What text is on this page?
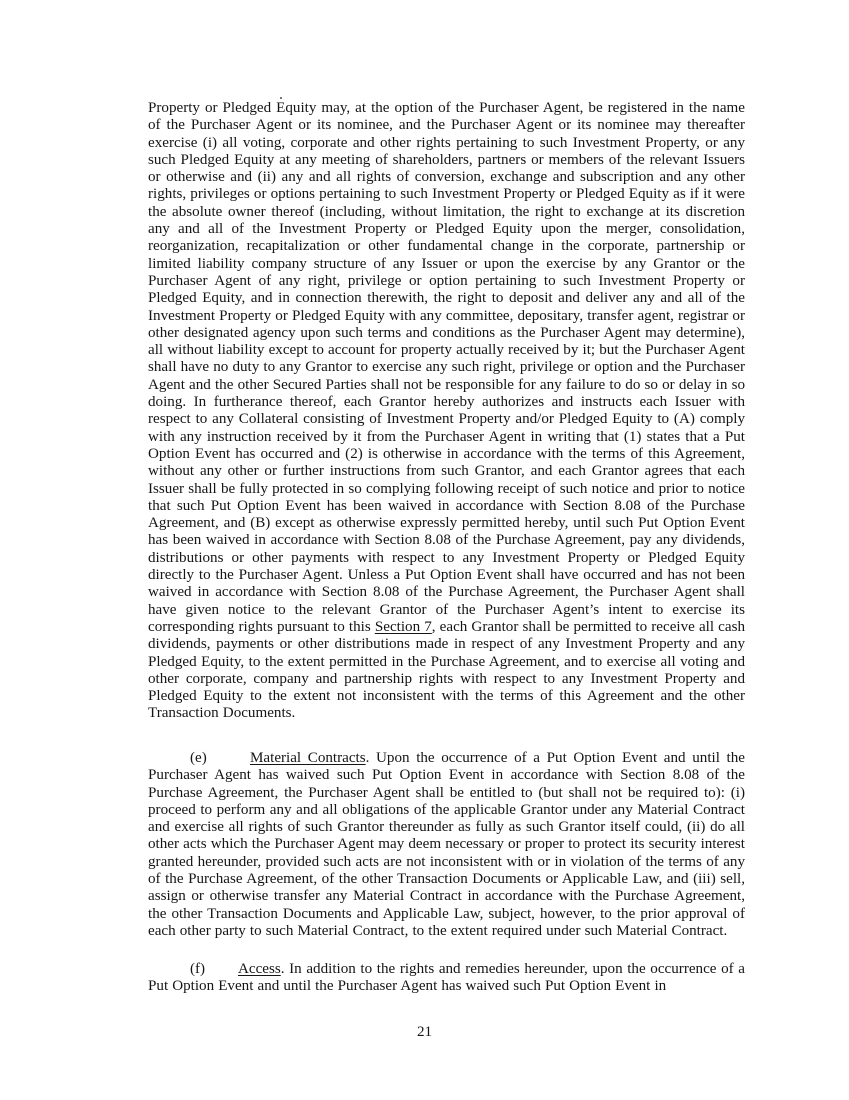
Property or Pledged Equity may, at the option of the Purchaser Agent, be registered in the name of the Purchaser Agent or its nominee, and the Purchaser Agent or its nominee may thereafter exercise (i) all voting, corporate and other rights pertaining to such Investment Property, or any such Pledged Equity at any meeting of shareholders, partners or members of the relevant Issuers or otherwise and (ii) any and all rights of conversion, exchange and subscription and any other rights, privileges or options pertaining to such Investment Property or Pledged Equity as if it were the absolute owner thereof (including, without limitation, the right to exchange at its discretion any and all of the Investment Property or Pledged Equity upon the merger, consolidation, reorganization, recapitalization or other fundamental change in the corporate, partnership or limited liability company structure of any Issuer or upon the exercise by any Grantor or the Purchaser Agent of any right, privilege or option pertaining to such Investment Property or Pledged Equity, and in connection therewith, the right to deposit and deliver any and all of the Investment Property or Pledged Equity with any committee, depositary, transfer agent, registrar or other designated agency upon such terms and conditions as the Purchaser Agent may determine), all without liability except to account for property actually received by it; but the Purchaser Agent shall have no duty to any Grantor to exercise any such right, privilege or option and the Purchaser Agent and the other Secured Parties shall not be responsible for any failure to do so or delay in so doing. In furtherance thereof, each Grantor hereby authorizes and instructs each Issuer with respect to any Collateral consisting of Investment Property and/or Pledged Equity to (A) comply with any instruction received by it from the Purchaser Agent in writing that (1) states that a Put Option Event has occurred and (2) is otherwise in accordance with the terms of this Agreement, without any other or further instructions from such Grantor, and each Grantor agrees that each Issuer shall be fully protected in so complying following receipt of such notice and prior to notice that such Put Option Event has been waived in accordance with Section 8.08 of the Purchase Agreement, and (B) except as otherwise expressly permitted hereby, until such Put Option Event has been waived in accordance with Section 8.08 of the Purchase Agreement, pay any dividends, distributions or other payments with respect to any Investment Property or Pledged Equity directly to the Purchaser Agent. Unless a Put Option Event shall have occurred and has not been waived in accordance with Section 8.08 of the Purchase Agreement, the Purchaser Agent shall have given notice to the relevant Grantor of the Purchaser Agent’s intent to exercise its corresponding rights pursuant to this Section 7, each Grantor shall be permitted to receive all cash dividends, payments or other distributions made in respect of any Investment Property and any Pledged Equity, to the extent permitted in the Purchase Agreement, and to exercise all voting and other corporate, company and partnership rights with respect to any Investment Property and Pledged Equity to the extent not inconsistent with the terms of this Agreement and the other Transaction Documents.

(e)	Material Contracts. Upon the occurrence of a Put Option Event and until the Purchaser Agent has waived such Put Option Event in accordance with Section 8.08 of the Purchase Agreement, the Purchaser Agent shall be entitled to (but shall not be required to): (i) proceed to perform any and all obligations of the applicable Grantor under any Material Contract and exercise all rights of such Grantor thereunder as fully as such Grantor itself could, (ii) do all other acts which the Purchaser Agent may deem necessary or proper to protect its security interest granted hereunder, provided such acts are not inconsistent with or in violation of the terms of any of the Purchase Agreement, of the other Transaction Documents or Applicable Law, and (iii) sell, assign or otherwise transfer any Material Contract in accordance with the Purchase Agreement, the other Transaction Documents and Applicable Law, subject, however, to the prior approval of each other party to such Material Contract, to the extent required under such Material Contract.

(f) Access. In addition to the rights and remedies hereunder, upon the occurrence of a Put Option Event and until the Purchaser Agent has waived such Put Option Event in

21
